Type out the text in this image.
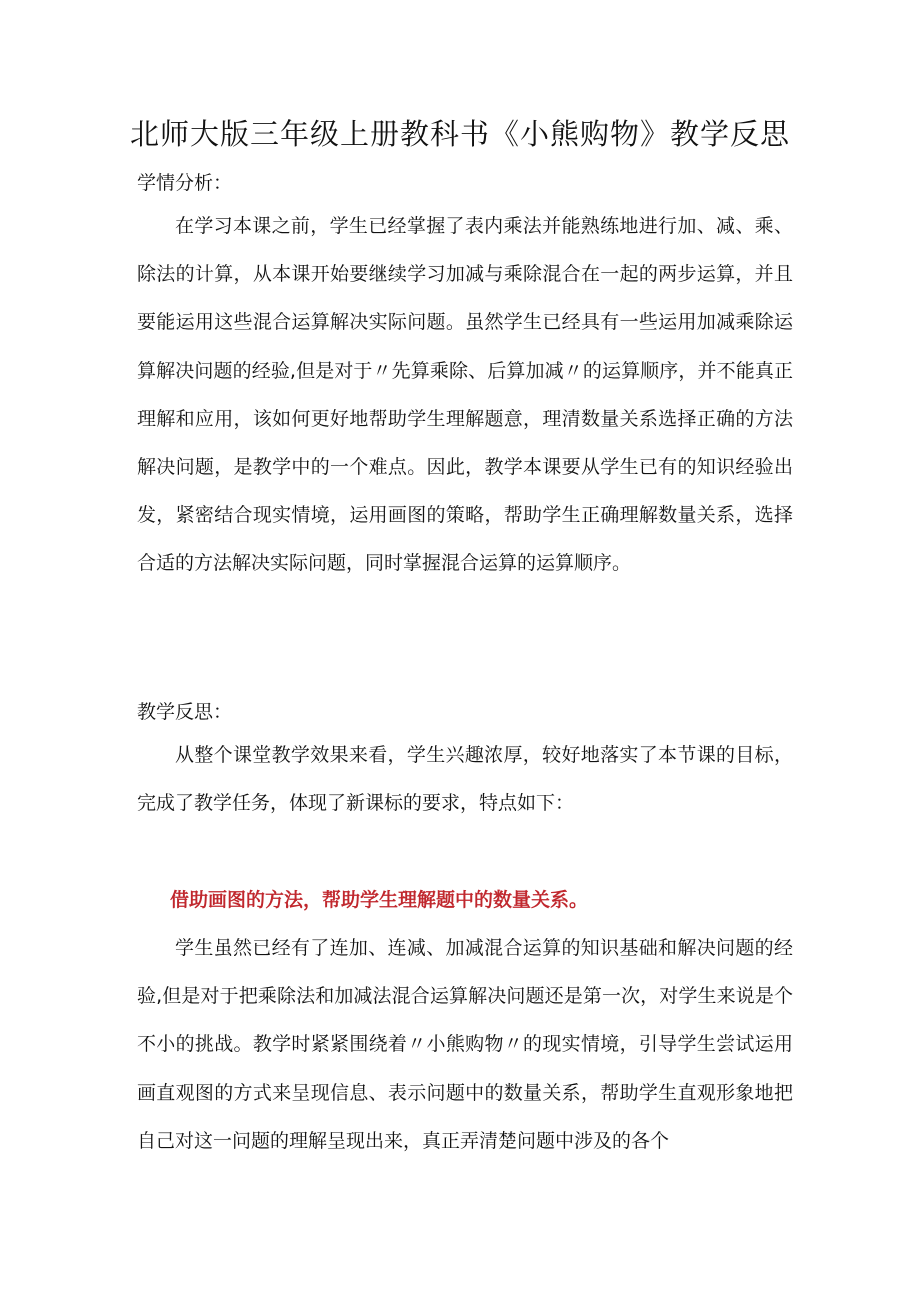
北师大版三年级上册教科书《小熊购物》教学反思

学情分析：

在学习本课之前，学生已经掌握了表内乘法并能熟练地进行加、减、乘、除法的计算，从本课开始要继续学习加减与乘除混合在一起的两步运算，并且要能运用这些混合运算解决实际问题。虽然学生已经具有一些运用加减乘除运算解决问题的经验,但是对于〃先算乘除、后算加减〃的运算顺序，并不能真正理解和应用，该如何更好地帮助学生理解题意，理清数量关系选择正确的方法解决问题，是教学中的一个难点。因此，教学本课要从学生已有的知识经验出发，紧密结合现实情境，运用画图的策略，帮助学生正确理解数量关系，选择合适的方法解决实际问题，同时掌握混合运算的运算顺序。

教学反思：

从整个课堂教学效果来看，学生兴趣浓厚，较好地落实了本节课的目标，完成了教学任务，体现了新课标的要求，特点如下：

借助画图的方法，帮助学生理解题中的数量关系。

学生虽然已经有了连加、连减、加减混合运算的知识基础和解决问题的经验,但是对于把乘除法和加减法混合运算解决问题还是第一次，对学生来说是个不小的挑战。教学时紧紧围绕着〃小熊购物〃的现实情境，引导学生尝试运用画直观图的方式来呈现信息、表示问题中的数量关系，帮助学生直观形象地把自己对这一问题的理解呈现出来，真正弄清楚问题中涉及的各个
